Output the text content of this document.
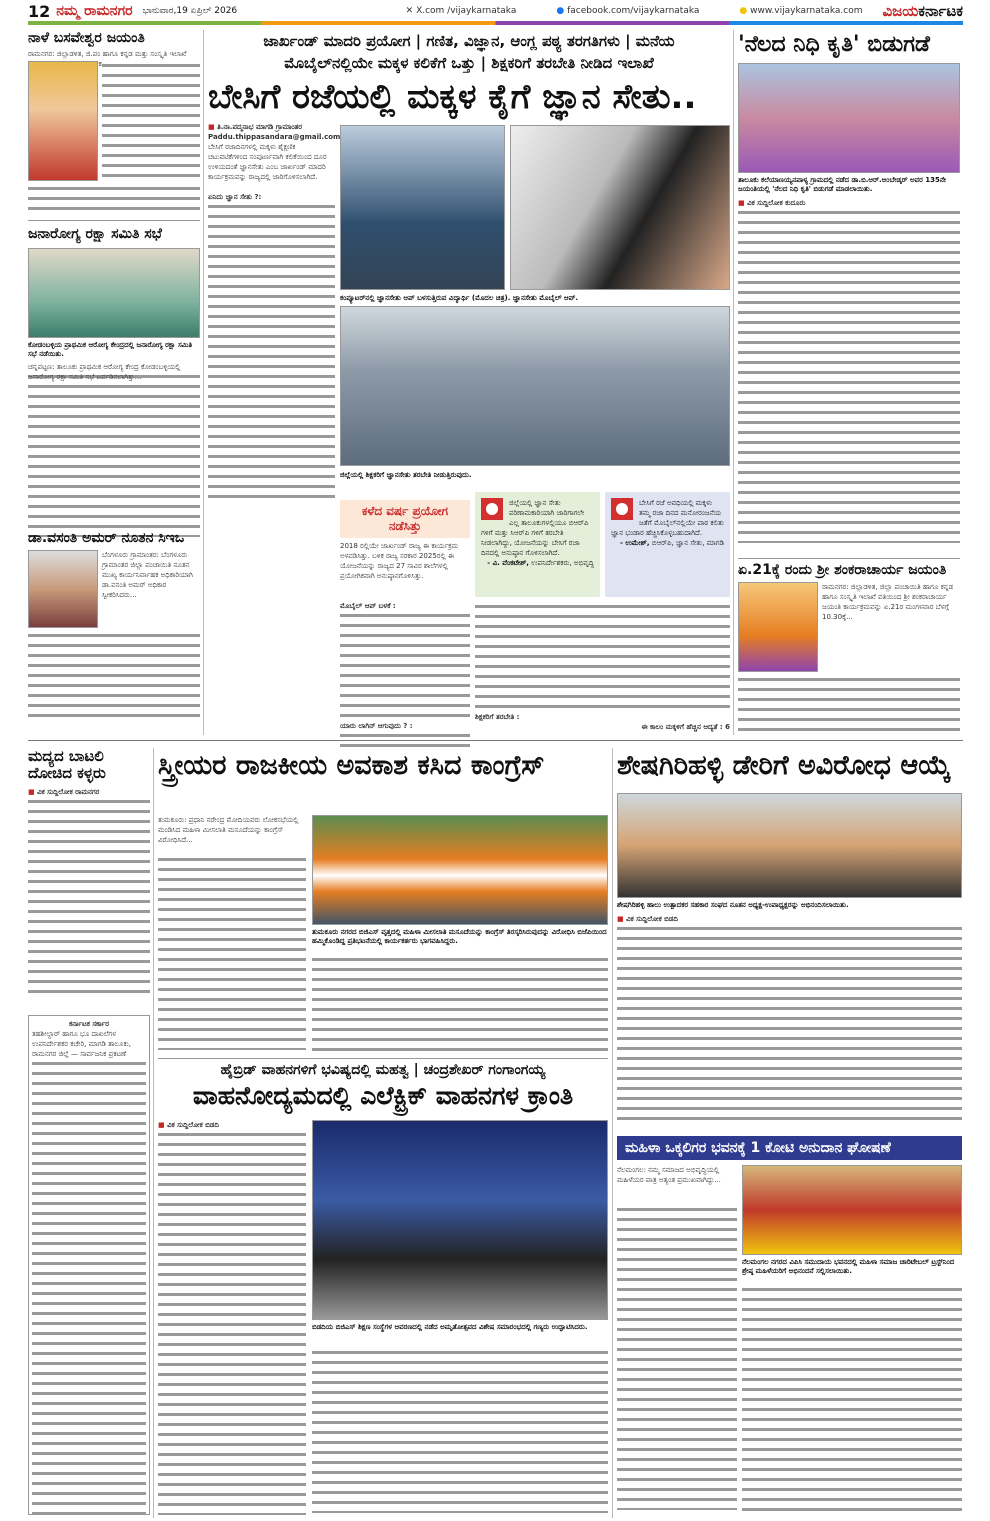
12 ನಮ್ಮ ರಾಮನಗರ ಭಾನುವಾರ,19 ಏಪ್ರಿಲ್ 2026	✕ X.com /vijaykarnataka	● facebook.com/vijaykarnataka	● www.vijaykarnataka.com ವಿಜಯಕರ್ನಾಟಕ
ನಾಳೆ ಬಸವೇಶ್ವರ ಜಯಂತಿ
ರಾಮನಗರ: ಜಿಲ್ಲಾಡಳಿತ, ಜಿ.ಪಂ ಹಾಗೂ ಕನ್ನಡ ಮತ್ತು ಸಂಸ್ಕೃತಿ ಇಲಾಖೆ
ಜನಾರೋಗ್ಯ ರಕ್ಷಾ ಸಮಿತಿ ಸಭೆ
ಕೋಡಂಬಳ್ಳಿಯ ಪ್ರಾಥಮಿಕ ಆರೋಗ್ಯ ಕೇಂದ್ರದಲ್ಲಿ ಜನಾರೋಗ್ಯ ರಕ್ಷಾ ಸಮಿತಿ ಸಭೆ ನಡೆಯಿತು.
ಚನ್ನಪಟ್ಟಣ: ತಾಲೂಕು ಪ್ರಾಥಮಿಕ ಆರೋಗ್ಯ ಕೇಂದ್ರ ಕೋಡಂಬಳ್ಳಿಯಲ್ಲಿ ಜನಾರೋಗ್ಯ ರಕ್ಷಾ ಸಮಿತಿ ಸಭೆ ಏರ್ಪಡಿಸಲಾಗಿತ್ತು...
ಡಾ.ವಸಂತಿ ಅಮರ್ ನೂತನ ಸಿಇಒ
ಬೆಂಗಳೂರು ಗ್ರಾಮಾಂತರ: ಬೆಂಗಳೂರು ಗ್ರಾಮಾಂತರ ಜಿಲ್ಲಾ ಪಂಚಾಯಿತಿ ನೂತನ ಮುಖ್ಯ ಕಾರ್ಯನಿರ್ವಾಹಕ ಅಧಿಕಾರಿಯಾಗಿ ಡಾ.ವಸಂತಿ ಅಮರ್ ಅಧಿಕಾರ ಸ್ವೀಕರಿಸಿದರು...
ಜಾರ್ಖಂಡ್ ಮಾದರಿ ಪ್ರಯೋಗ | ಗಣಿತ, ವಿಜ್ಞಾನ, ಆಂಗ್ಲ ಪಠ್ಯ ತರಗತಿಗಳು | ಮನೆಯ
ಮೊಬೈಲ್‌ನಲ್ಲಿಯೇ ಮಕ್ಕಳ ಕಲಿಕೆಗೆ ಒತ್ತು | ಶಿಕ್ಷಕರಿಗೆ ತರಬೇತಿ ನೀಡಿದ ಇಲಾಖೆ
ಬೇಸಿಗೆ ರಜೆಯಲ್ಲಿ ಮಕ್ಕಳ ಕೈಗೆ ಜ್ಞಾನ ಸೇತು..
■ ತಿ.ನಾ.ಪದ್ಮನಾಭ ಮಾಗಡಿ ಗ್ರಾಮಾಂತರ
Paddu.thippasandara@gmail.com
ಬೇಸಿಗೆ ರಜಾದಿನಗಳಲ್ಲಿ ಮಕ್ಕಳು ಶೈಕ್ಷಣಿಕ ಚಟುವಟಿಕೆಗಳಿಂದ ಸಂಪೂರ್ಣವಾಗಿ ಕಲಿಕೆಯಿಂದ ದೂರ ಉಳಿಯದಂತೆ ಜ್ಞಾನಸೇತು ಎಂಬ ಜಾರ್ಖಂಡ್ ಮಾದರಿ ಕಾರ್ಯಕ್ರಮವನ್ನು ರಾಜ್ಯದಲ್ಲಿ ಜಾರಿಗೊಳಿಸಲಾಗಿದೆ.
ಏನಿದು ಜ್ಞಾನ ಸೇತು ?:
ಕಳೆದ ವರ್ಷ ಪ್ರಯೋಗ ನಡೆಸಿತ್ತು
2018 ರಲ್ಲಿಯೇ ಜಾರ್ಖಂಡ್ ರಾಜ್ಯ ಈ ಕಾರ್ಯಕ್ರಮ ಅಳವಡಿಸಿತ್ತು. ಬಳಿಕ ರಾಜ್ಯ ಸರಕಾರ 2025ರಲ್ಲಿ ಈ ಯೋಜನೆಯನ್ನು ರಾಜ್ಯದ 27 ಸಾವಿರ ಶಾಲೆಗಳಲ್ಲಿ ಪ್ರಯೋಗಿಕವಾಗಿ ಅನುಷ್ಠಾನಗೊಳಿಸಿತ್ತು.
ಮೊಬೈಲ್ ಆಪ್ ಬಳಕೆ :
ಯಾರು ಲಾಗಿನ್ ಆಗುವುದು ? :
ಕಂಪ್ಯೂಟರ್‌ನಲ್ಲಿ ಜ್ಞಾನಸೇತು ಆಪ್ ಬಳಸುತ್ತಿರುವ ವಿದ್ಯಾರ್ಥಿ (ಮೊದಲ ಚಿತ್ರ). ಜ್ಞಾನಸೇತು ಮೊಬೈಲ್ ಆಪ್.
ಜಿಲ್ಲೆಯಲ್ಲಿ ಶಿಕ್ಷಕರಿಗೆ ಜ್ಞಾನಸೇತು ತರಬೇತಿ ನೀಡುತ್ತಿರುವುದು.
ಜಿಲ್ಲೆಯಲ್ಲಿ ಜ್ಞಾನ ಸೇತು ಪರಿಣಾಮಕಾರಿಯಾಗಿ ಜಾರಿಗಾಗಲೇ ಎಲ್ಲ ತಾಲೂಕುಗಳಲ್ಲಿಯೂ ಬಿಆರ್‌ಪಿ ಗಳಿಗೆ ಮತ್ತು ಸಿಆರ್‌ಪಿ ಗಳಿಗೆ ತರಬೇತಿ ನೀಡಲಾಗಿದ್ದು, ಯೋಜನೆಯನ್ನು ಬೇಸಿಗೆ ರಜಾ ದಿನದಲ್ಲಿ ಅನುಷ್ಠಾನ ಗೊಳಿಸಲಾಗಿದೆ.
- ವಿ. ವೆಂಕಟೇಶ್, ಉಪನಿರ್ದೇಶಕರು, ಅಭಿವೃದ್ಧಿ
ಬೇಸಿಗೆ ರಜೆ ಅವಧಿಯಲ್ಲಿ ಮಕ್ಕಳು ತಮ್ಮ ರಜಾ ದಿನದ ಮನೋರಂಜನೆಯ ಜತೆಗೆ ಮೊಬೈಲ್‌ನಲ್ಲಿಯೇ ಪಾಠ ಕಲಿತು ಜ್ಞಾನ ಭಂಡಾರ ಹೆಚ್ಚಿಸಿಕೊಳ್ಳಬಹುದಾಗಿದೆ.
- ಉಮೇಶ್, ಬಿಆರ್‌ಪಿ, ಜ್ಞಾನ ಸೇತು, ಮಾಗಡಿ
ಶಿಕ್ಷಕರಿಗೆ ತರಬೇತಿ :
ಈ ಕಾಲಂ ಮಕ್ಕಳಿಗೆ ಹೆಚ್ಚಿನ ಆದ್ಯತೆ : 6
'ನೆಲದ ನಿಧಿ ಕೃತಿ' ಬಿಡುಗಡೆ
ತಾಲೂಕು ಕಲೆಯಾಣಯ್ಯನಪಾಳ್ಯ ಗ್ರಾಮದಲ್ಲಿ ನಡೆದ ಡಾ.ಬಿ.ಆರ್.ಅಂಬೇಡ್ಕರ್ ಅವರ 135ನೇ ಜಯಂತಿಯಲ್ಲಿ 'ನೆಲದ ನಿಧಿ ಕೃತಿ' ಬಿಡುಗಡೆ ಮಾಡಲಾಯಿತು.
■ ವಿಕ ಸುದ್ದಿಲೋಕ ಕುದೂರು
ಏ.21ಕ್ಕೆ ರಂದು ಶ್ರೀ ಶಂಕರಾಚಾರ್ಯ ಜಯಂತಿ
ರಾಮನಗರ: ಜಿಲ್ಲಾಡಳಿತ, ಜಿಲ್ಲಾ ಪಂಚಾಯಿತಿ ಹಾಗೂ ಕನ್ನಡ ಹಾಗೂ ಸಂಸ್ಕೃತಿ ಇಲಾಖೆ ವತಿಯಿಂದ ಶ್ರೀ ಶಂಕರಾಚಾರ್ಯ ಜಯಂತಿ ಕಾರ್ಯಕ್ರಮವನ್ನು ಏ.21ರ ಮಂಗಳವಾರ ಬೆಳಗ್ಗೆ 10.30ಕ್ಕೆ...
ಮದ್ಯದ ಬಾಟಲಿ ದೋಚಿದ ಕಳ್ಳರು
■ ವಿಕ ಸುದ್ದಿಲೋಕ ರಾಮನಗರ
ಕರ್ನಾಟಕ ಸರ್ಕಾರ
ತಹಶೀಲ್ದಾರ್ ಹಾಗೂ ಭೂ ದಾಖಲೆಗಳ ಉಪನಿರ್ದೇಶಕರ ಕಚೇರಿ, ಮಾಗಡಿ ತಾಲೂಕು, ರಾಮನಗರ ಜಿಲ್ಲೆ — ಸಾರ್ವಜನಿಕ ಪ್ರಕಟಣೆ
ಸ್ತ್ರೀಯರ ರಾಜಕೀಯ ಅವಕಾಶ ಕಸಿದ ಕಾಂಗ್ರೆಸ್
ತುಮಕೂರು: ಪ್ರಧಾನಿ ನರೇಂದ್ರ ಮೋದಿಯವರು ಲೋಕಸಭೆಯಲ್ಲಿ ಮಂಡಿಸಿದ ಮಹಿಳಾ ಮೀಸಲಾತಿ ಮಸೂದೆಯನ್ನು ಕಾಂಗ್ರೆಸ್ ವಿರೋಧಿಸಿದೆ...
ತುಮಕೂರು ನಗರದ ಬಿಜಿಎಸ್ ವೃತ್ತದಲ್ಲಿ ಮಹಿಳಾ ಮೀಸಲಾತಿ ಮಸೂದೆಯನ್ನು ಕಾಂಗ್ರೆಸ್ ತಿರಸ್ಕರಿಸಿರುವುದನ್ನು ವಿರೋಧಿಸಿ ಬಿಜೆಪಿಯಿಂದ ಹಮ್ಮಿಕೊಂಡಿದ್ದ ಪ್ರತಿಭಟನೆಯಲ್ಲಿ ಕಾರ್ಯಕರ್ತರು ಭಾಗವಹಿಸಿದ್ದರು.
ಹೈಬ್ರಿಡ್ ವಾಹನಗಳಿಗೆ ಭವಿಷ್ಯದಲ್ಲಿ ಮಹತ್ವ | ಚಂದ್ರಶೇಖರ್ ಗಂಗಾಂಗಯ್ಯ
ವಾಹನೋದ್ಯಮದಲ್ಲಿ ಎಲೆಕ್ಟ್ರಿಕ್ ವಾಹನಗಳ ಕ್ರಾಂತಿ
■ ವಿಕ ಸುದ್ದಿಲೋಕ ಬಿಡದಿ
ಬಿಡದಿಯ ಬಿಜಿಎಸ್ ಶಿಕ್ಷಣ ಸಂಸ್ಥೆಗಳ ಆವರಣದಲ್ಲಿ ನಡೆದ ಅಮೃತೋತ್ಸವದ ವಿಶೇಷ ಸಮಾರಂಭದಲ್ಲಿ ಗಣ್ಯರು ಉದ್ಘಾಟಿಸಿದರು.
ಶೇಷಗಿರಿಹಳ್ಳಿ ಡೇರಿಗೆ ಅವಿರೋಧ ಆಯ್ಕೆ
ಶೇಷಗಿರಿಹಳ್ಳಿ ಹಾಲು ಉತ್ಪಾದಕರ ಸಹಕಾರ ಸಂಘದ ನೂತನ ಅಧ್ಯಕ್ಷ-ಉಪಾಧ್ಯಕ್ಷರನ್ನು ಅಭಿನಂದಿಸಲಾಯಿತು.
■ ವಿಕ ಸುದ್ದಿಲೋಕ ಬಿಡದಿ
ಮಹಿಳಾ ಒಕ್ಕಲಿಗರ ಭವನಕ್ಕೆ 1 ಕೋಟಿ ಅನುದಾನ ಘೋಷಣೆ
ನೆಲಮಂಗಲ: ನಮ್ಮ ಸಮಾಜದ ಅಭಿವೃದ್ಧಿಯಲ್ಲಿ ಮಹಿಳೆಯರ ಪಾತ್ರ ಅತ್ಯಂತ ಪ್ರಮುಖವಾಗಿದ್ದು...
ನೆಲಮಂಗಲ ನಗರದ ವಿಪಿಸಿ ಸಮುದಾಯ ಭವನದಲ್ಲಿ ಮಹಿಳಾ ಸಮಾಜ ಚಾರಿಟೇಬಲ್ ಟ್ರಸ್ಟ್‌ನಿಂದ ಶ್ರೇಷ್ಠ ಮಹಿಳೆಯರಿಗೆ ಅಭಿನಂದನೆ ಸಲ್ಲಿಸಲಾಯಿತು.
